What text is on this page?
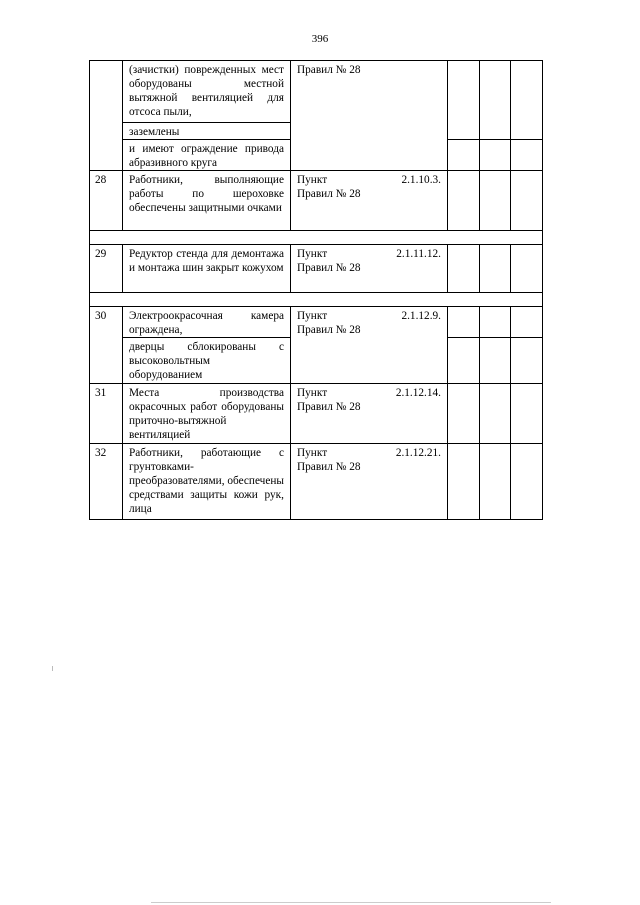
396
	(зачистки) поврежденных мест оборудованы местной вытяжной вентиляцией для отсоса пыли,	Правил № 28			
	заземлены				
	и имеют ограждение привода абразивного круга				
28	Работники, выполняющие работы по шероховке обеспечены защитными очками	Пункт 2.1.10.3.
Правил № 28			

29	Редуктор стенда для демонтажа и монтажа шин закрыт кожухом	Пункт 2.1.11.12.
Правил № 28			

30	Электроокрасочная камера ограждена,	Пункт 2.1.12.9.
Правил № 28			

	дверцы сблокированы с высоковольтным оборудованием				
31	Места производства окрасочных работ оборудованы приточно-вытяжной вентиляцией	Пункт 2.1.12.14.
Правил № 28			

32	Работники, работающие с грунтовками-преобразователями, обеспечены средствами защиты кожи рук, лица	Пункт 2.1.12.21.
Правил № 28			
